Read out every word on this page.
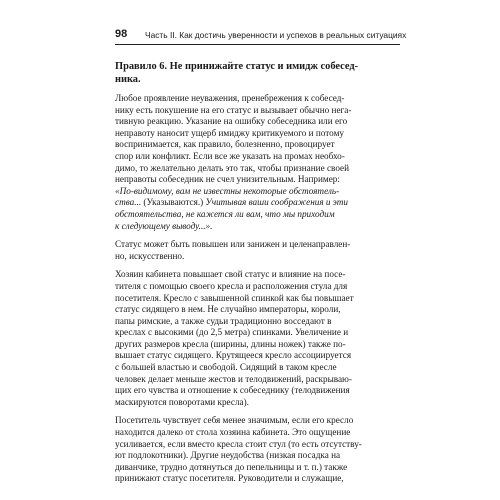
98 Часть II. Как достичь уверенности и успехов в реальных ситуациях
Правило 6. Не принижайте статус и имидж собесед-
ника.
Любое проявление неуважения, пренебрежения к собесед-
нику есть покушение на его статус и вызывает обычно нега-
тивную реакцию. Указание на ошибку собеседника или его
неправоту наносит ущерб имиджу критикуемого и потому
воспринимается, как правило, болезненно, провоцирует
спор или конфликт. Если все же указать на промах необхо-
димо, то желательно делать это так, чтобы признание своей
неправоты собеседник не счел унизительным. Например:
«По-видимому, вам не известны некоторые обстоятель-
ства... (Указываются.) Учитывая ваши соображения и эти
обстоятельства, не кажется ли вам, что мы приходим
к следующему выводу...».
Статус может быть повышен или занижен и целенаправлен-
но, искусственно.
Хозяин кабинета повышает свой статус и влияние на посе-
тителя с помощью своего кресла и расположения стула для
посетителя. Кресло с завышенной спинкой как бы повышает
статус сидящего в нем. Не случайно императоры, короли,
папы римские, а также судьи традиционно восседают в
креслах с высокими (до 2,5 метра) спинками. Увеличение и
других размеров кресла (ширины, длины ножек) также по-
вышает статус сидящего. Крутящееся кресло ассоциируется
с большей властью и свободой. Сидящий в таком кресле
человек делает меньше жестов и телодвижений, раскрываю-
щих его чувства и отношение к собеседнику (телодвижения
маскируются поворотами кресла).
Посетитель чувствует себя менее значимым, если его кресло
находится далеко от стола хозяина кабинета. Это ощущение
усиливается, если вместо кресла стоит стул (то есть отсутству-
ют подлокотники). Другие неудобства (низкая посадка на
диванчике, трудно дотянуться до пепельницы и т. п.) также
принижают статус посетителя. Руководители и служащие,
